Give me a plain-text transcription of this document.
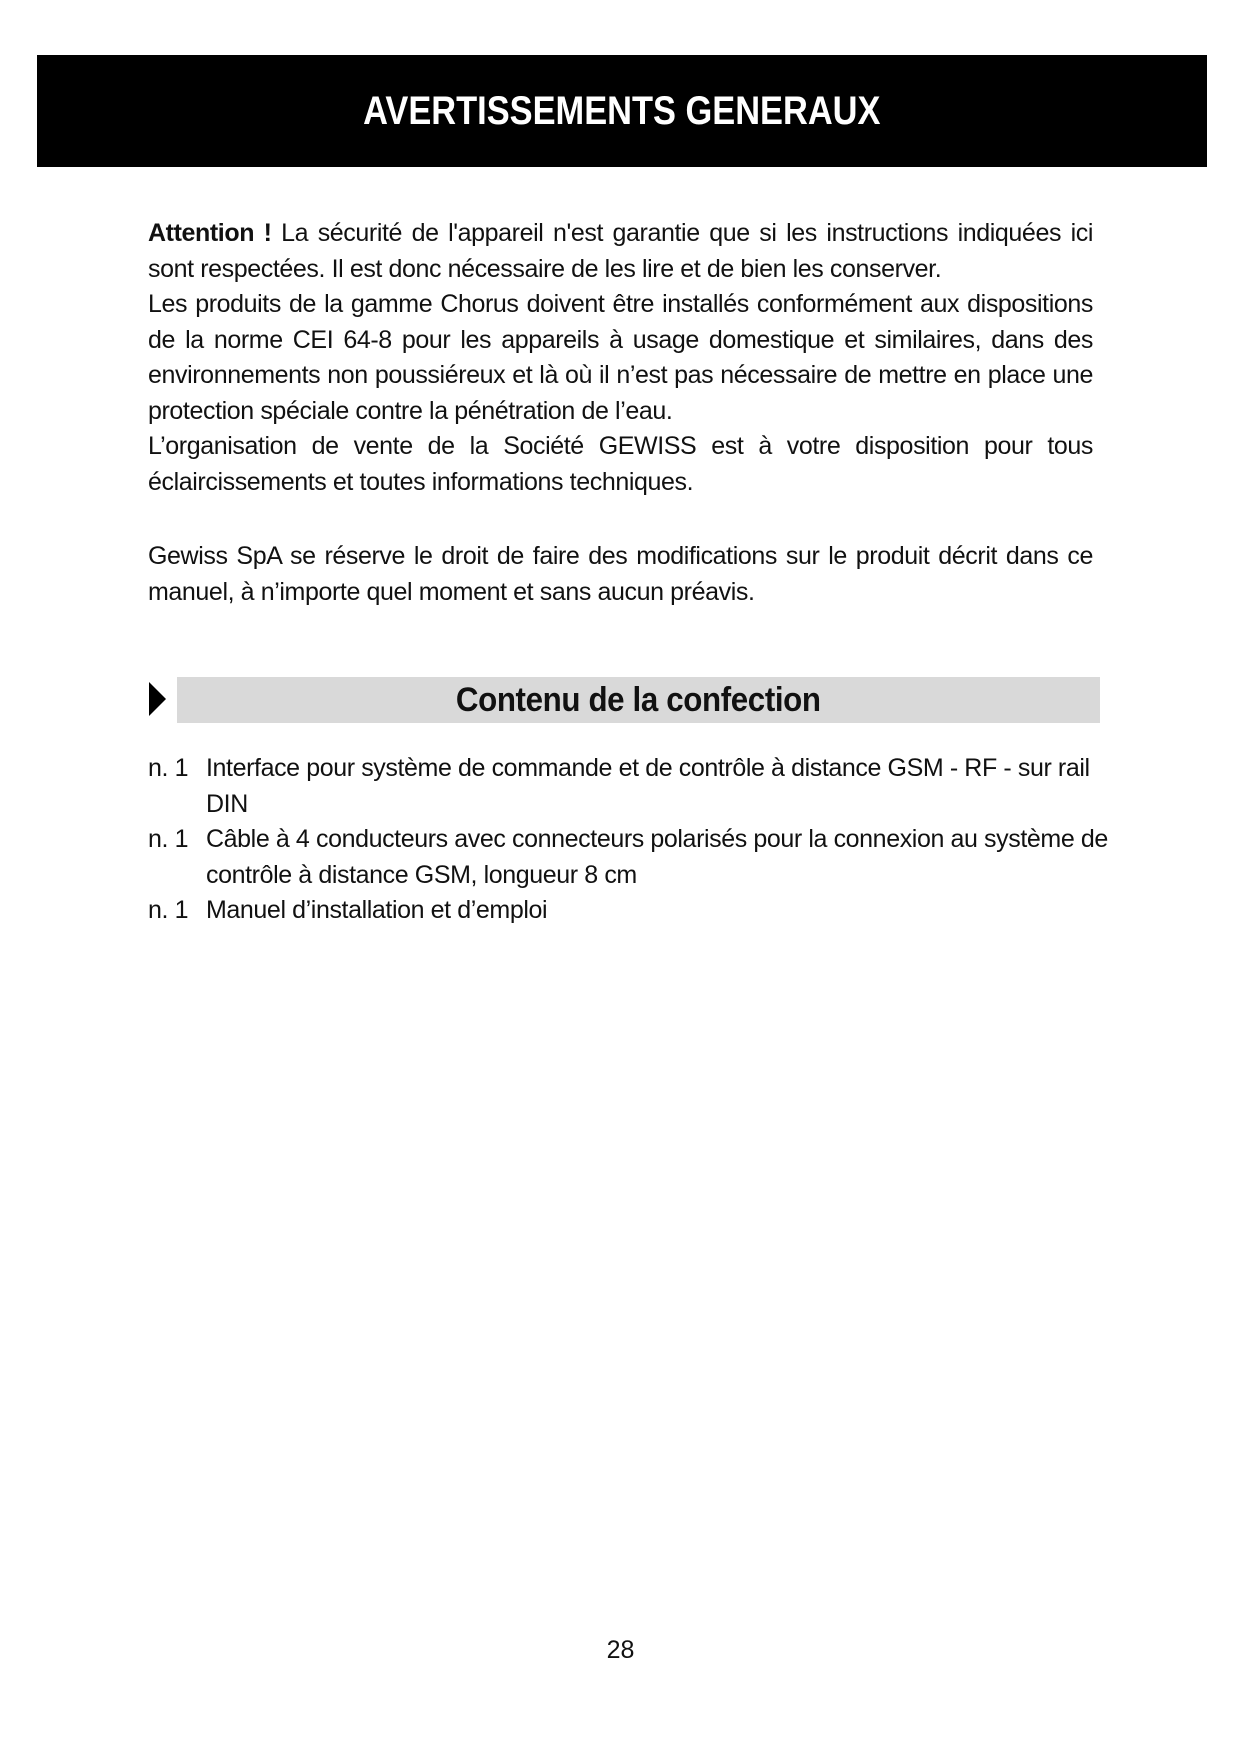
AVERTISSEMENTS GENERAUX

Attention ! La sécurité de l'appareil n'est garantie que si les instructions indiquées ici sont respectées. Il est donc nécessaire de les lire et de bien les conserver.

Les produits de la gamme Chorus doivent être installés conformément aux dispositions de la norme CEI 64-8 pour les appareils à usage domestique et similaires, dans des environnements non poussiéreux et là où il n’est pas nécessaire de mettre en place une protection spéciale contre la pénétration de l’eau.

L’organisation de vente de la Société GEWISS est à votre disposition pour tous éclaircissements et toutes informations techniques.

Gewiss SpA se réserve le droit de faire des modifications sur le produit décrit dans ce manuel, à n’importe quel moment et sans aucun préavis.

Contenu de la confection
n. 1 Interface pour système de commande et de contrôle à distance GSM - RF - sur rail DIN
n. 1 Câble à 4 conducteurs avec connecteurs polarisés pour la connexion au système de contrôle à distance GSM, longueur 8 cm
n. 1 Manuel d’installation et d’emploi
28
